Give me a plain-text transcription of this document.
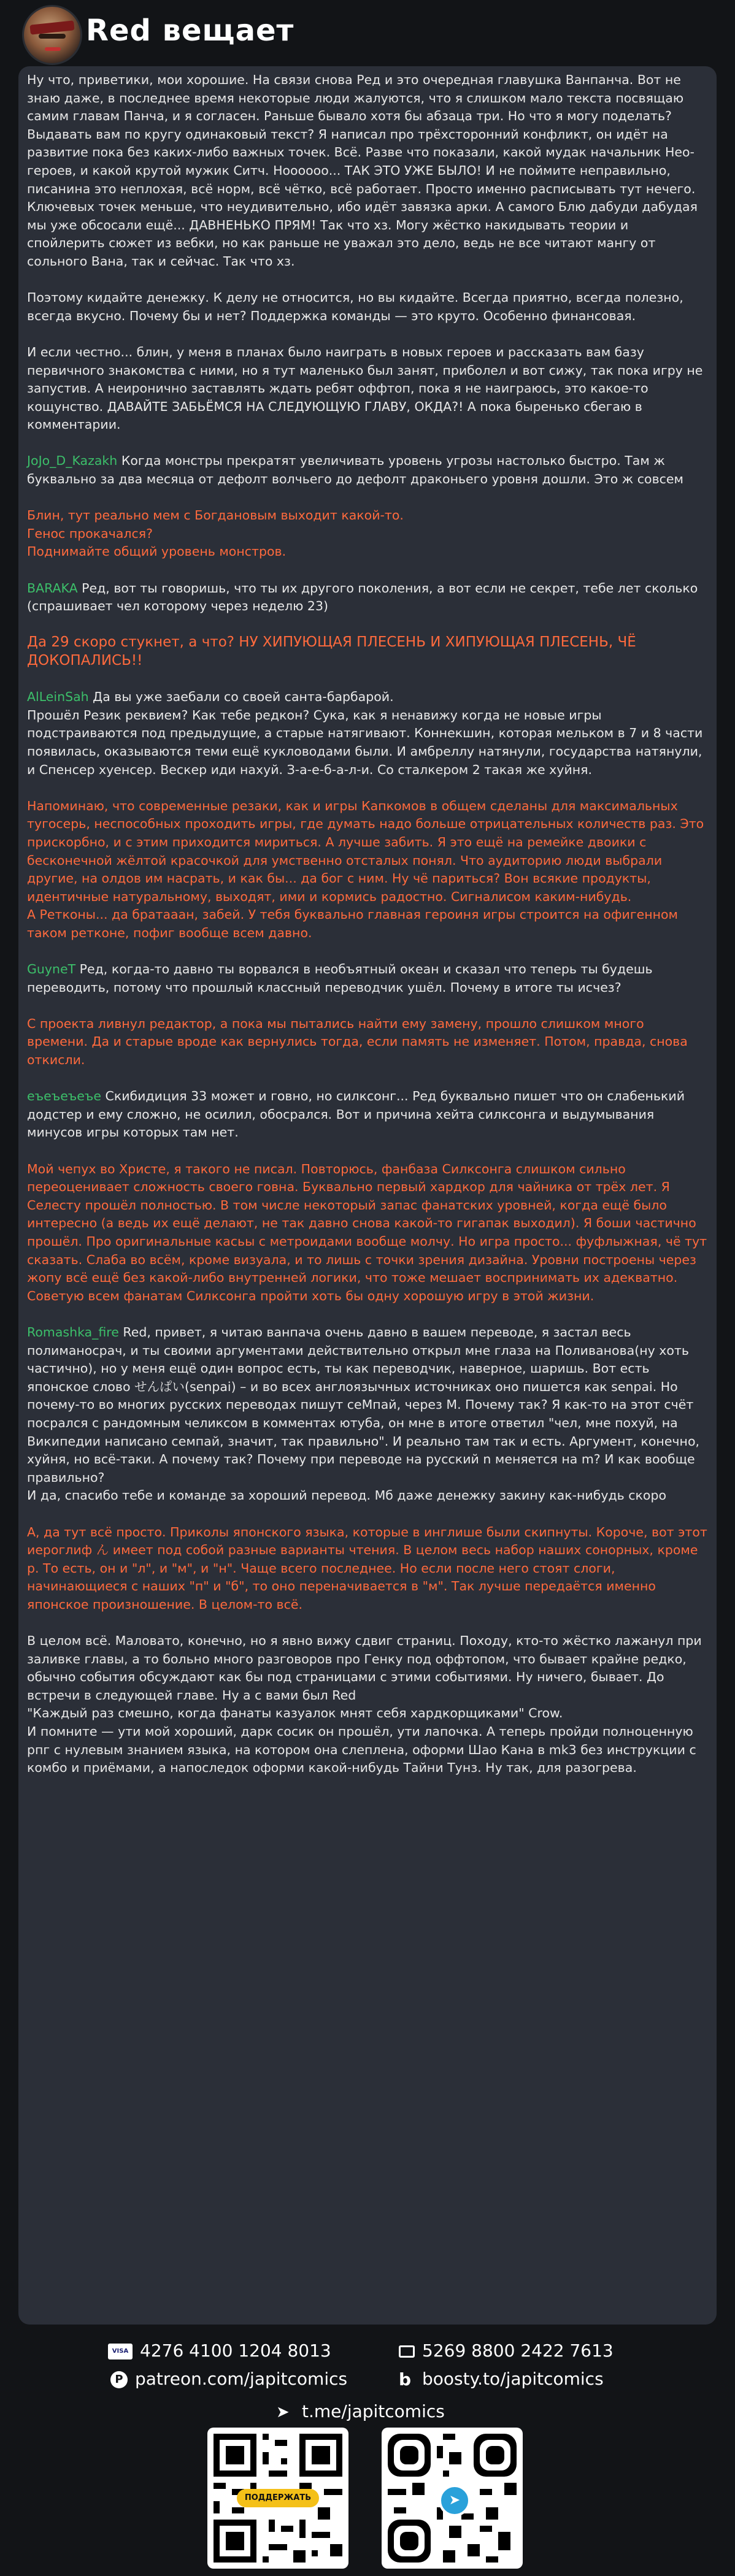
Red вещает

Ну что, приветики, мои хорошие. На связи снова Ред и это очередная главушка Ванпанча. Вот не знаю даже, в последнее время некоторые люди жалуются, что я слишком мало текста посвящаю самим главам Панча, и я согласен. Раньше бывало хотя бы абзаца три. Но что я могу поделать? Выдавать вам по кругу одинаковый текст? Я написал про трёхсторонний конфликт, он идёт на развитие пока без каких-либо важных точек. Всё. Разве что показали, какой мудак начальник Нео-героев, и какой крутой мужик Ситч. Ноооооо... ТАК ЭТО УЖЕ БЫЛО! И не поймите неправильно, писанина это неплохая, всё норм, всё чётко, всё работает. Просто именно расписывать тут нечего. Ключевых точек меньше, что неудивительно, ибо идёт завязка арки. А самого Блю дабуди дабудая мы уже обсосали ещё... ДАВНЕНЬКО ПРЯМ! Так что хз. Могу жёстко накидывать теории и спойлерить сюжет из вебки, но как раньше не уважал это дело, ведь не все читают мангу от сольного Вана, так и сейчас. Так что хз.

Поэтому кидайте денежку. К делу не относится, но вы кидайте. Всегда приятно, всегда полезно, всегда вкусно. Почему бы и нет? Поддержка команды — это круто. Особенно финансовая.

И если честно... блин, у меня в планах было наиграть в новых героев и рассказать вам базу первичного знакомства с ними, но я тут маленько был занят, приболел и вот сижу, так пока игру не запустив. А неиронично заставлять ждать ребят оффтоп, пока я не наиграюсь, это какое-то кощунство. ДАВАЙТЕ ЗАБЬЁМСЯ НА СЛЕДУЮЩУЮ ГЛАВУ, ОКДА?! А пока быренько сбегаю в комментарии.

JoJo_D_Kazakh Когда монстры прекратят увеличивать уровень угрозы настолько быстро. Там ж буквально за два месяца от дефолт волчьего до дефолт драконьего уровня дошли. Это ж совсем

Блин, тут реально мем с Богдановым выходит какой-то.
Генос прокачался?
Поднимайте общий уровень монстров.

BARAKA Ред, вот ты говоришь, что ты их другого поколения, а вот если не секрет, тебе лет сколько (спрашивает чел которому через неделю 23)

Да 29 скоро стукнет, а что? НУ ХИПУЮЩАЯ ПЛЕСЕНЬ И ХИПУЮЩАЯ ПЛЕСЕНЬ, ЧЁ ДОКОПАЛИСЬ!!

AlLeinSah Да вы уже заебали со своей санта-барбарой.
Прошёл Резик реквием? Как тебе редкон? Сука, как я ненавижу когда не новые игры подстраиваются под предыдущие, а старые натягивают. Коннекшин, которая мельком в 7 и 8 части появилась, оказываются теми ещё кукловодами были. И амбреллу натянули, государства натянули, и Спенсер хуенсер. Вескер иди нахуй. З-а-е-б-а-л-и. Со сталкером 2 такая же хуйня.

Напоминаю, что современные резаки, как и игры Капкомов в общем сделаны для максимальных тугосерь, неспособных проходить игры, где думать надо больше отрицательных количеств раз. Это прискорбно, и с этим приходится мириться. А лучше забить. Я это ещё на ремейке двоики с бесконечной жёлтой красочкой для умственно отсталых понял. Что аудиторию люди выбрали другие, на олдов им насрать, и как бы... да бог с ним. Ну чё париться? Вон всякие продукты, идентичные натуральному, выходят, ими и кормись радостно. Сигналисом каким-нибудь.
А Ретконы... да братааан, забей. У тебя буквально главная героиня игры строится на офигенном таком ретконе, пофиг вообще всем давно.

GuyneT Ред, когда-то давно ты ворвался в необъятный океан и сказал что теперь ты будешь переводить, потому что прошлый классный переводчик ушёл. Почему в итоге ты исчез?

С проекта ливнул редактор, а пока мы пытались найти ему замену, прошло слишком много времени. Да и старые вроде как вернулись тогда, если память не изменяет. Потом, правда, снова откисли.

еъеъеъеъе Скибидиция 33 может и говно, но силксонг... Ред буквально пишет что он слабенький додстер и ему сложно, не осилил, обосрался. Вот и причина хейта силксонга и выдумывания минусов игры которых там нет.

Мой чепух во Христе, я такого не писал. Повторюсь, фанбаза Силксонга слишком сильно переоценивает сложность своего говна. Буквально первый хардкор для чайника от трёх лет. Я Селесту прошёл полностью. В том числе некоторый запас фанатских уровней, когда ещё было интересно (а ведь их ещё делают, не так давно снова какой-то гигапак выходил). Я боши частично прошёл. Про оригинальные касьы с метроидами вообще молчу. Но игра просто... фуфлыжная, чё тут сказать. Слаба во всём, кроме визуала, и то лишь с точки зрения дизайна. Уровни построены через жопу всё ещё без какой-либо внутренней логики, что тоже мешает воспринимать их адекватно. Советую всем фанатам Силксонга пройти хоть бы одну хорошую игру в этой жизни.

Romashka_fire Red, привет, я читаю ванпача очень давно в вашем переводе, я застал весь полиманосрач, и ты своими аргументами действительно открыл мне глаза на Поливанова(ну хоть частично), но у меня ещё один вопрос есть, ты как переводчик, наверное, шаришь. Вот есть японское слово せんぱい(senpai) – и во всех англоязычных источниках оно пишется как senpai. Но почему-то во многих русских переводах пишут сеМпай, через М. Почему так? Я как-то на этот счёт посрался с рандомным челиксом в комментах ютуба, он мне в итоге ответил "чел, мне похуй, на Википедии написано семпай, значит, так правильно". И реально там так и есть. Аргумент, конечно, хуйня, но всё-таки. А почему так? Почему при переводе на русский n меняется на m? И как вообще правильно?
И да, спасибо тебе и команде за хороший перевод. Мб даже денежку закину как-нибудь скоро

А, да тут всё просто. Приколы японского языка, которые в инглише были скипнуты. Короче, вот этот иероглиф ん имеет под собой разные варианты чтения. В целом весь набор наших сонорных, кроме р. То есть, он и "л", и "м", и "н". Чаще всего последнее. Но если после него стоят слоги, начинающиеся с наших "п" и "б", то оно переначивается в "м". Так лучше передаётся именно японское произношение. В целом-то всё.

В целом всё. Маловато, конечно, но я явно вижу сдвиг страниц. Походу, кто-то жёстко лажанул при заливке главы, а то больно много разговоров про Генку под оффтопом, что бывает крайне редко, обычно события обсуждают как бы под страницами с этими событиями. Ну ничего, бывает. До встречи в следующей главе. Ну а с вами был Red
"Каждый раз смешно, когда фанаты казуалок мнят себя хардкорщиками" Crow.
И помните — ути мой хороший, дарк сосик он прошёл, ути лапочка. А теперь пройди полноценную рпг с нулевым знанием языка, на котором она слеплена, оформи Шао Кана в mk3 без инструкции с комбо и приёмами, а напоследок оформи какой-нибудь Тайни Тунз. Ну так, для разогрева.

VISA 4276 4100 1204 8013	5269 8800 2422 7613
P patreon.com/japitcomics	b boosty.to/japitcomics
➤ t.me/japitcomics
ПОДДЕРЖАТЬ	➤
